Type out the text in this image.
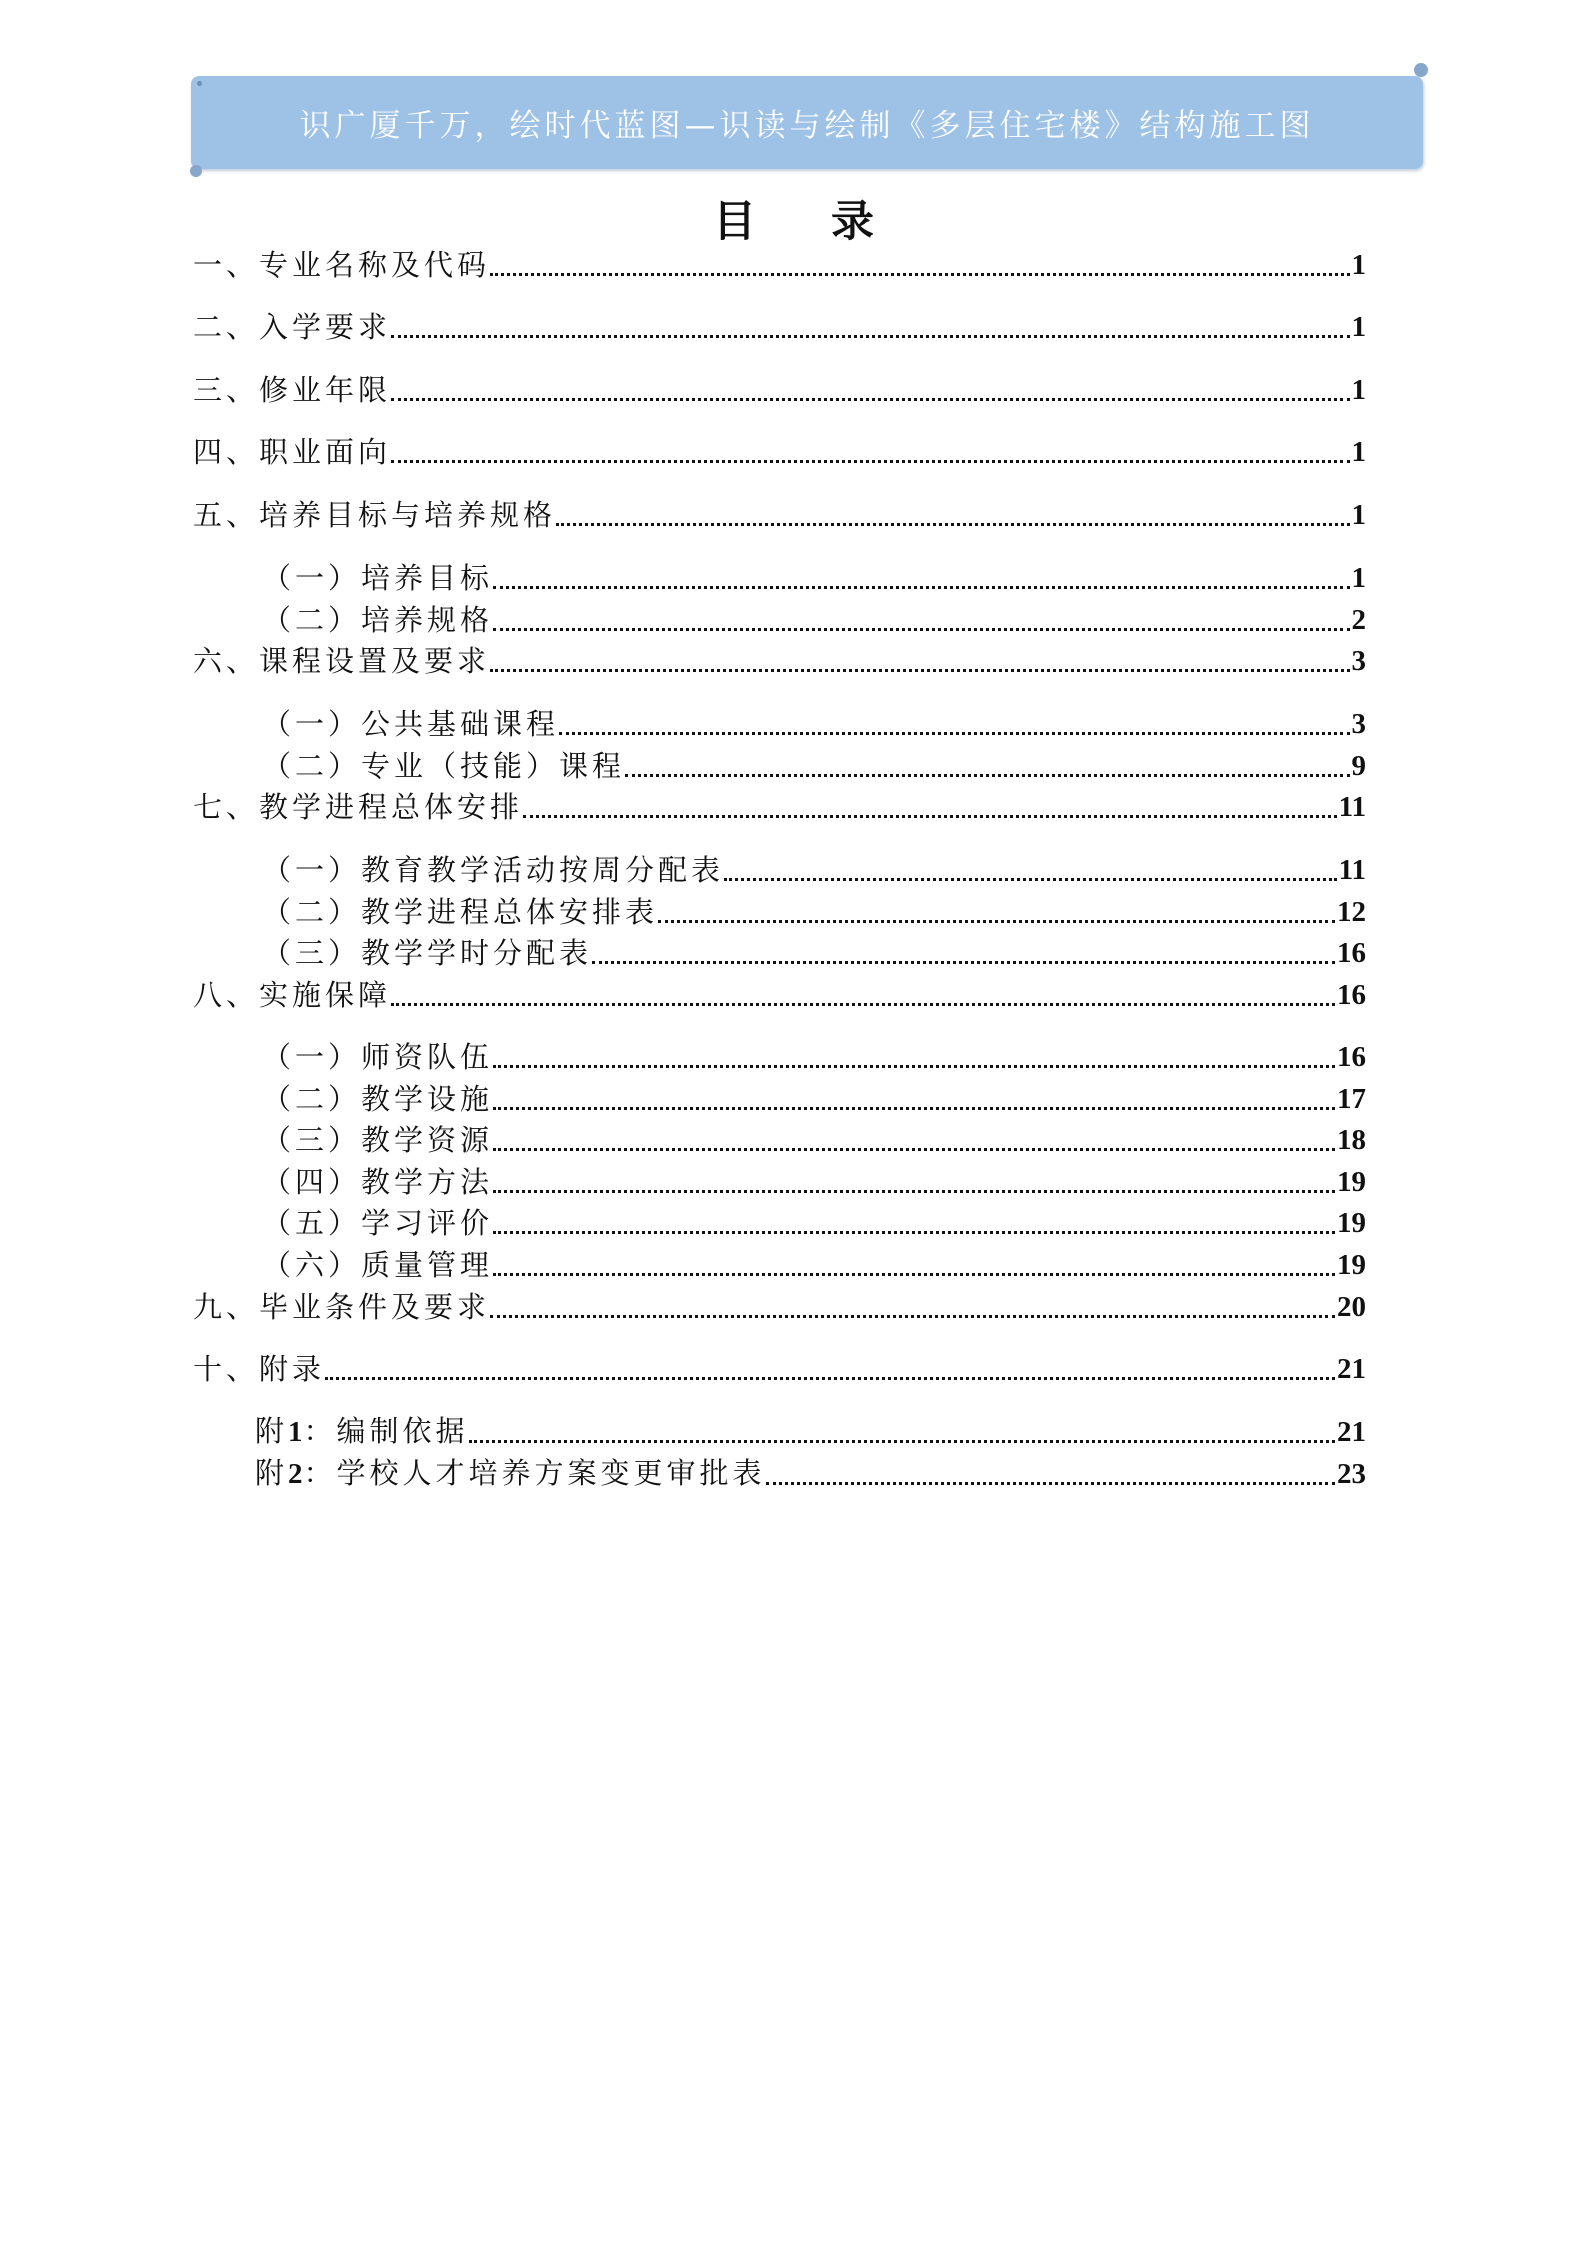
识广厦千万，绘时代蓝图—识读与绘制《多层住宅楼》结构施工图
目 录
一、专业名称及代码	1
二、入学要求	1
三、修业年限	1
四、职业面向	1
五、培养目标与培养规格	1
（一）培养目标	1
（二）培养规格	2
六、课程设置及要求	3
（一）公共基础课程	3
（二）专业（技能）课程	9
七、教学进程总体安排	11
（一）教育教学活动按周分配表	11
（二）教学进程总体安排表	12
（三）教学学时分配表	16
八、实施保障	16
（一）师资队伍	16
（二）教学设施	17
（三）教学资源	18
（四）教学方法	19
（五）学习评价	19
（六）质量管理	19
九、毕业条件及要求	20
十、附录	21
附1：编制依据	21
附2：学校人才培养方案变更审批表	23
